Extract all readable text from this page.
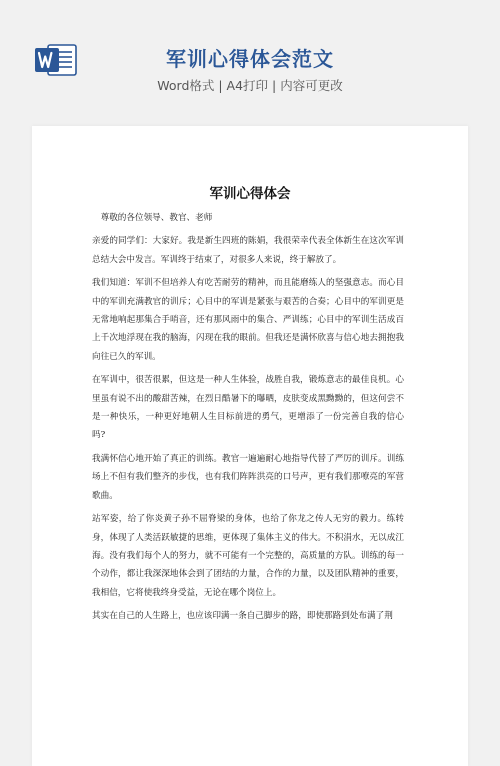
军训心得体会范文
Word格式 | A4打印 | 内容可更改
军训心得体会

尊敬的各位领导、教官、老师

亲爱的同学们：大家好。我是新生四班的陈娟，我很荣幸代表全体新生在这次军训总结大会中发言。军训终于结束了，对很多人来说，终于解放了。

我们知道：军训不但培养人有吃苦耐劳的精神，而且能磨练人的坚强意志。而心目中的军训充满教官的训斥；心目中的军训是紧张与艰苦的合奏；心目中的军训更是无常地响起那集合手哨音，还有那风雨中的集合、严训练；心目中的军训生活成百上千次地浮现在我的脑海，闪现在我的眼前。但我还是满怀欣喜与信心地去拥抱我向往已久的军训。

在军训中，很苦很累，但这是一种人生体验，战胜自我，锻炼意志的最佳良机。心里虽有说不出的酸甜苦辣，在烈日酷暑下的曝晒，皮肤变成黑黝黝的，但这何尝不是一种快乐，一种更好地朝人生目标前进的勇气，更增添了一份完善自我的信心吗?

我满怀信心地开始了真正的训练。教官一遍遍耐心地指导代替了严厉的训斥。训练场上不但有我们整齐的步伐，也有我们阵阵洪亮的口号声，更有我们那嘹亮的军营歌曲。

站军姿，给了你炎黄子孙不屈脊梁的身体，也给了你龙之传人无穷的毅力。练转身，体现了人类活跃敏捷的思维，更体现了集体主义的伟大。不积涓水，无以成江海。没有我们每个人的努力，就不可能有一个完整的，高质量的方队。训练的每一个动作，都让我深深地体会到了团结的力量，合作的力量，以及团队精神的重要，我相信，它将使我终身受益，无论在哪个岗位上。

其实在自己的人生路上，也应该印满一条自己脚步的路，即使那路到处布满了荆
